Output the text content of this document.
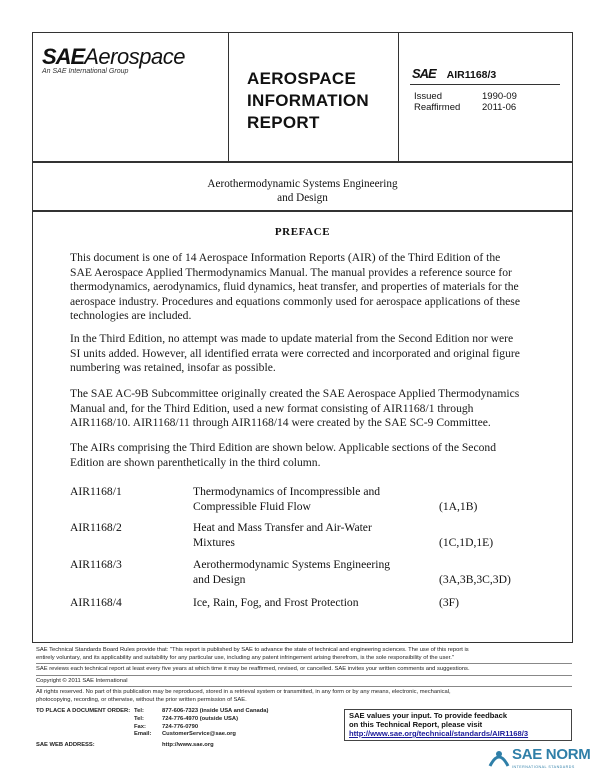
SAEAerospace
An SAE International Group	AEROSPACE
INFORMATION
REPORT
SAE AIR1168/3
Issued	1990-09
Reaffirmed 2011-06
Aerothermodynamic Systems Engineering
and Design
PREFACE
This document is one of 14 Aerospace Information Reports (AIR) of the Third Edition of the
SAE Aerospace Applied Thermodynamics Manual. The manual provides a reference source for
thermodynamics, aerodynamics, fluid dynamics, heat transfer, and properties of materials for the
aerospace industry. Procedures and equations commonly used for aerospace applications of these
technologies are included.
In the Third Edition, no attempt was made to update material from the Second Edition nor were
SI units added. However, all identified errata were corrected and incorporated and original figure
numbering was retained, insofar as possible.
The SAE AC-9B Subcommittee originally created the SAE Aerospace Applied Thermodynamics
Manual and, for the Third Edition, used a new format consisting of AIR1168/1 through
AIR1168/10. AIR1168/11 through AIR1168/14 were created by the SAE SC-9 Committee.
The AIRs comprising the Third Edition are shown below. Applicable sections of the Second
Edition are shown parenthetically in the third column.
AIR1168/1	Thermodynamics of Incompressible and
Compressible Fluid Flow	(1A,1B)
AIR1168/2	Heat and Mass Transfer and Air-Water
Mixtures	(1C,1D,1E)
AIR1168/3	Aerothermodynamic Systems Engineering
and Design	(3A,3B,3C,3D)
AIR1168/4	Ice, Rain, Fog, and Frost Protection	(3F)
SAE Technical Standards Board Rules provide that: "This report is published by SAE to advance the state of technical and engineering sciences. The use of this report is
entirely voluntary, and its applicability and suitability for any particular use, including any patent infringement arising therefrom, is the sole responsibility of the user."
SAE reviews each technical report at least every five years at which time it may be reaffirmed, revised, or cancelled. SAE invites your written comments and suggestions.
Copyright © 2011 SAE International
All rights reserved. No part of this publication may be reproduced, stored in a retrieval system or transmitted, in any form or by any means, electronic, mechanical,
photocopying, recording, or otherwise, without the prior written permission of SAE.
TO PLACE A DOCUMENT ORDER: Tel:	877-606-7323 (inside USA and Canada)
Tel:	724-776-4970 (outside USA)
Fax:	724-776-0790
Email: CustomerService@sae.org
SAE WEB ADDRESS:	http://www.sae.org
SAE values your input. To provide feedback
on this Technical Report, please visit
http://www.sae.org/technical/standards/AIR1168/3
SAE NORM
INTERNATIONAL STANDARDS
